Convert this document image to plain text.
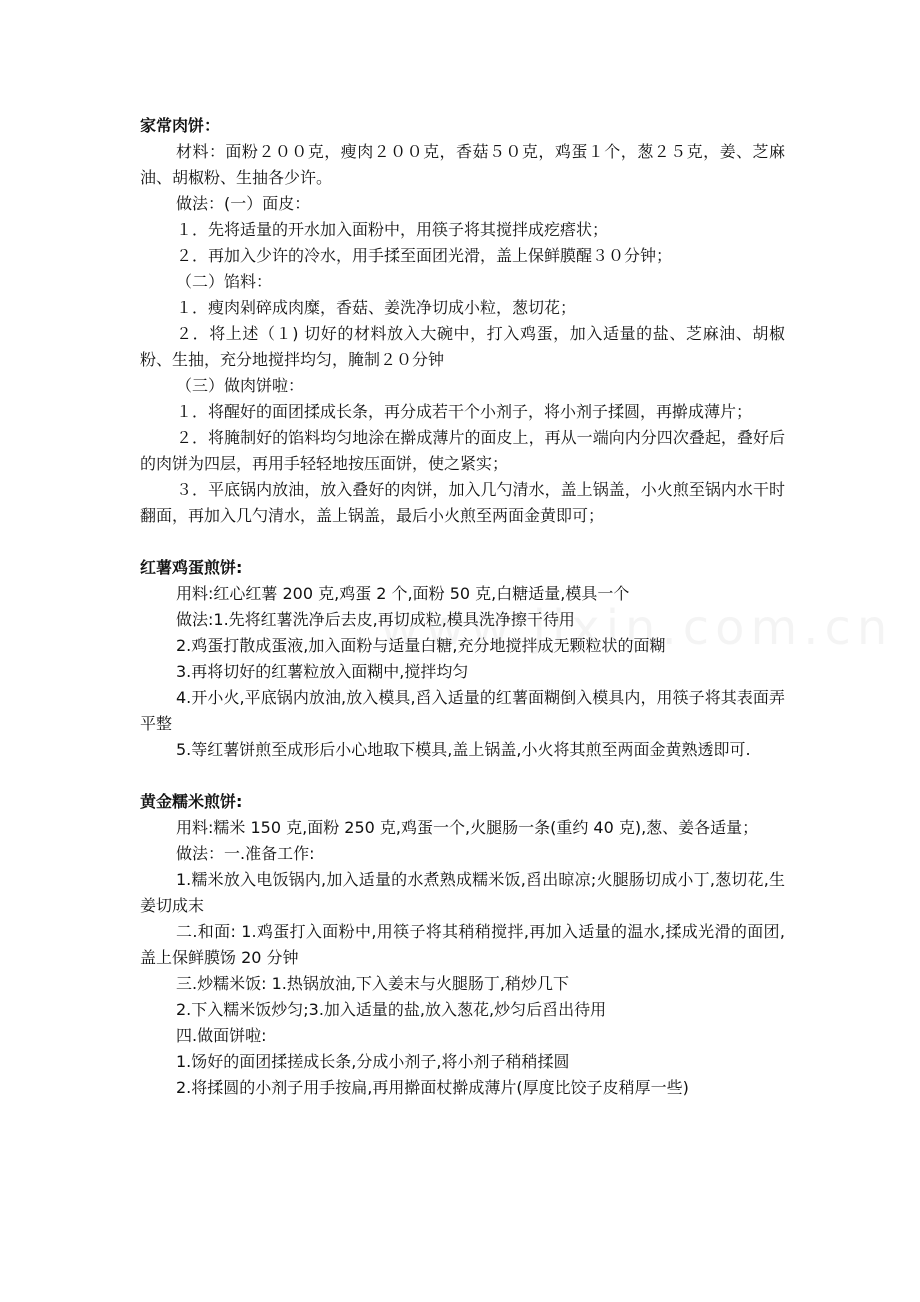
家常肉饼：

材料：面粉２００克，瘦肉２００克，香菇５０克，鸡蛋１个，葱２５克，姜、芝麻油、胡椒粉、生抽各少许。

做法：(一）面皮：

１．先将适量的开水加入面粉中，用筷子将其搅拌成疙瘩状；

２．再加入少许的冷水，用手揉至面团光滑，盖上保鲜膜醒３０分钟；

（二）馅料：

１．瘦肉剁碎成肉糜，香菇、姜洗净切成小粒，葱切花；

２．将上述（１) 切好的材料放入大碗中，打入鸡蛋，加入适量的盐、芝麻油、胡椒粉、生抽，充分地搅拌均匀，腌制２０分钟

（三）做肉饼啦：

１．将醒好的面团揉成长条，再分成若干个小剂子，将小剂子揉圆，再擀成薄片；

２．将腌制好的馅料均匀地涂在擀成薄片的面皮上，再从一端向内分四次叠起，叠好后的肉饼为四层，再用手轻轻地按压面饼，使之紧实；

３．平底锅内放油，放入叠好的肉饼，加入几勺清水，盖上锅盖，小火煎至锅内水干时翻面，再加入几勺清水，盖上锅盖，最后小火煎至两面金黄即可；

红薯鸡蛋煎饼:

用料:红心红薯 200 克,鸡蛋 2 个,面粉 50 克,白糖适量,模具一个

做法:1.先将红薯洗净后去皮,再切成粒,模具洗净擦干待用

2.鸡蛋打散成蛋液,加入面粉与适量白糖,充分地搅拌成无颗粒状的面糊

3.再将切好的红薯粒放入面糊中,搅拌均匀

4.开小火,平底锅内放油,放入模具,舀入适量的红薯面糊倒入模具内，用筷子将其表面弄平整

5.等红薯饼煎至成形后小心地取下模具,盖上锅盖,小火将其煎至两面金黄熟透即可.

黄金糯米煎饼:

用料:糯米 150 克,面粉 250 克,鸡蛋一个,火腿肠一条(重约 40 克),葱、姜各适量；

做法：一.准备工作:

1.糯米放入电饭锅内,加入适量的水煮熟成糯米饭,舀出晾凉;火腿肠切成小丁,葱切花,生姜切成末

二.和面: 1.鸡蛋打入面粉中,用筷子将其稍稍搅拌,再加入适量的温水,揉成光滑的面团,盖上保鲜膜饧 20 分钟

三.炒糯米饭: 1.热锅放油,下入姜末与火腿肠丁,稍炒几下

2.下入糯米饭炒匀;3.加入适量的盐,放入葱花,炒匀后舀出待用

四.做面饼啦:

1.饧好的面团揉搓成长条,分成小剂子,将小剂子稍稍揉圆

2.将揉圆的小剂子用手按扁,再用擀面杖擀成薄片(厚度比饺子皮稍厚一些)
